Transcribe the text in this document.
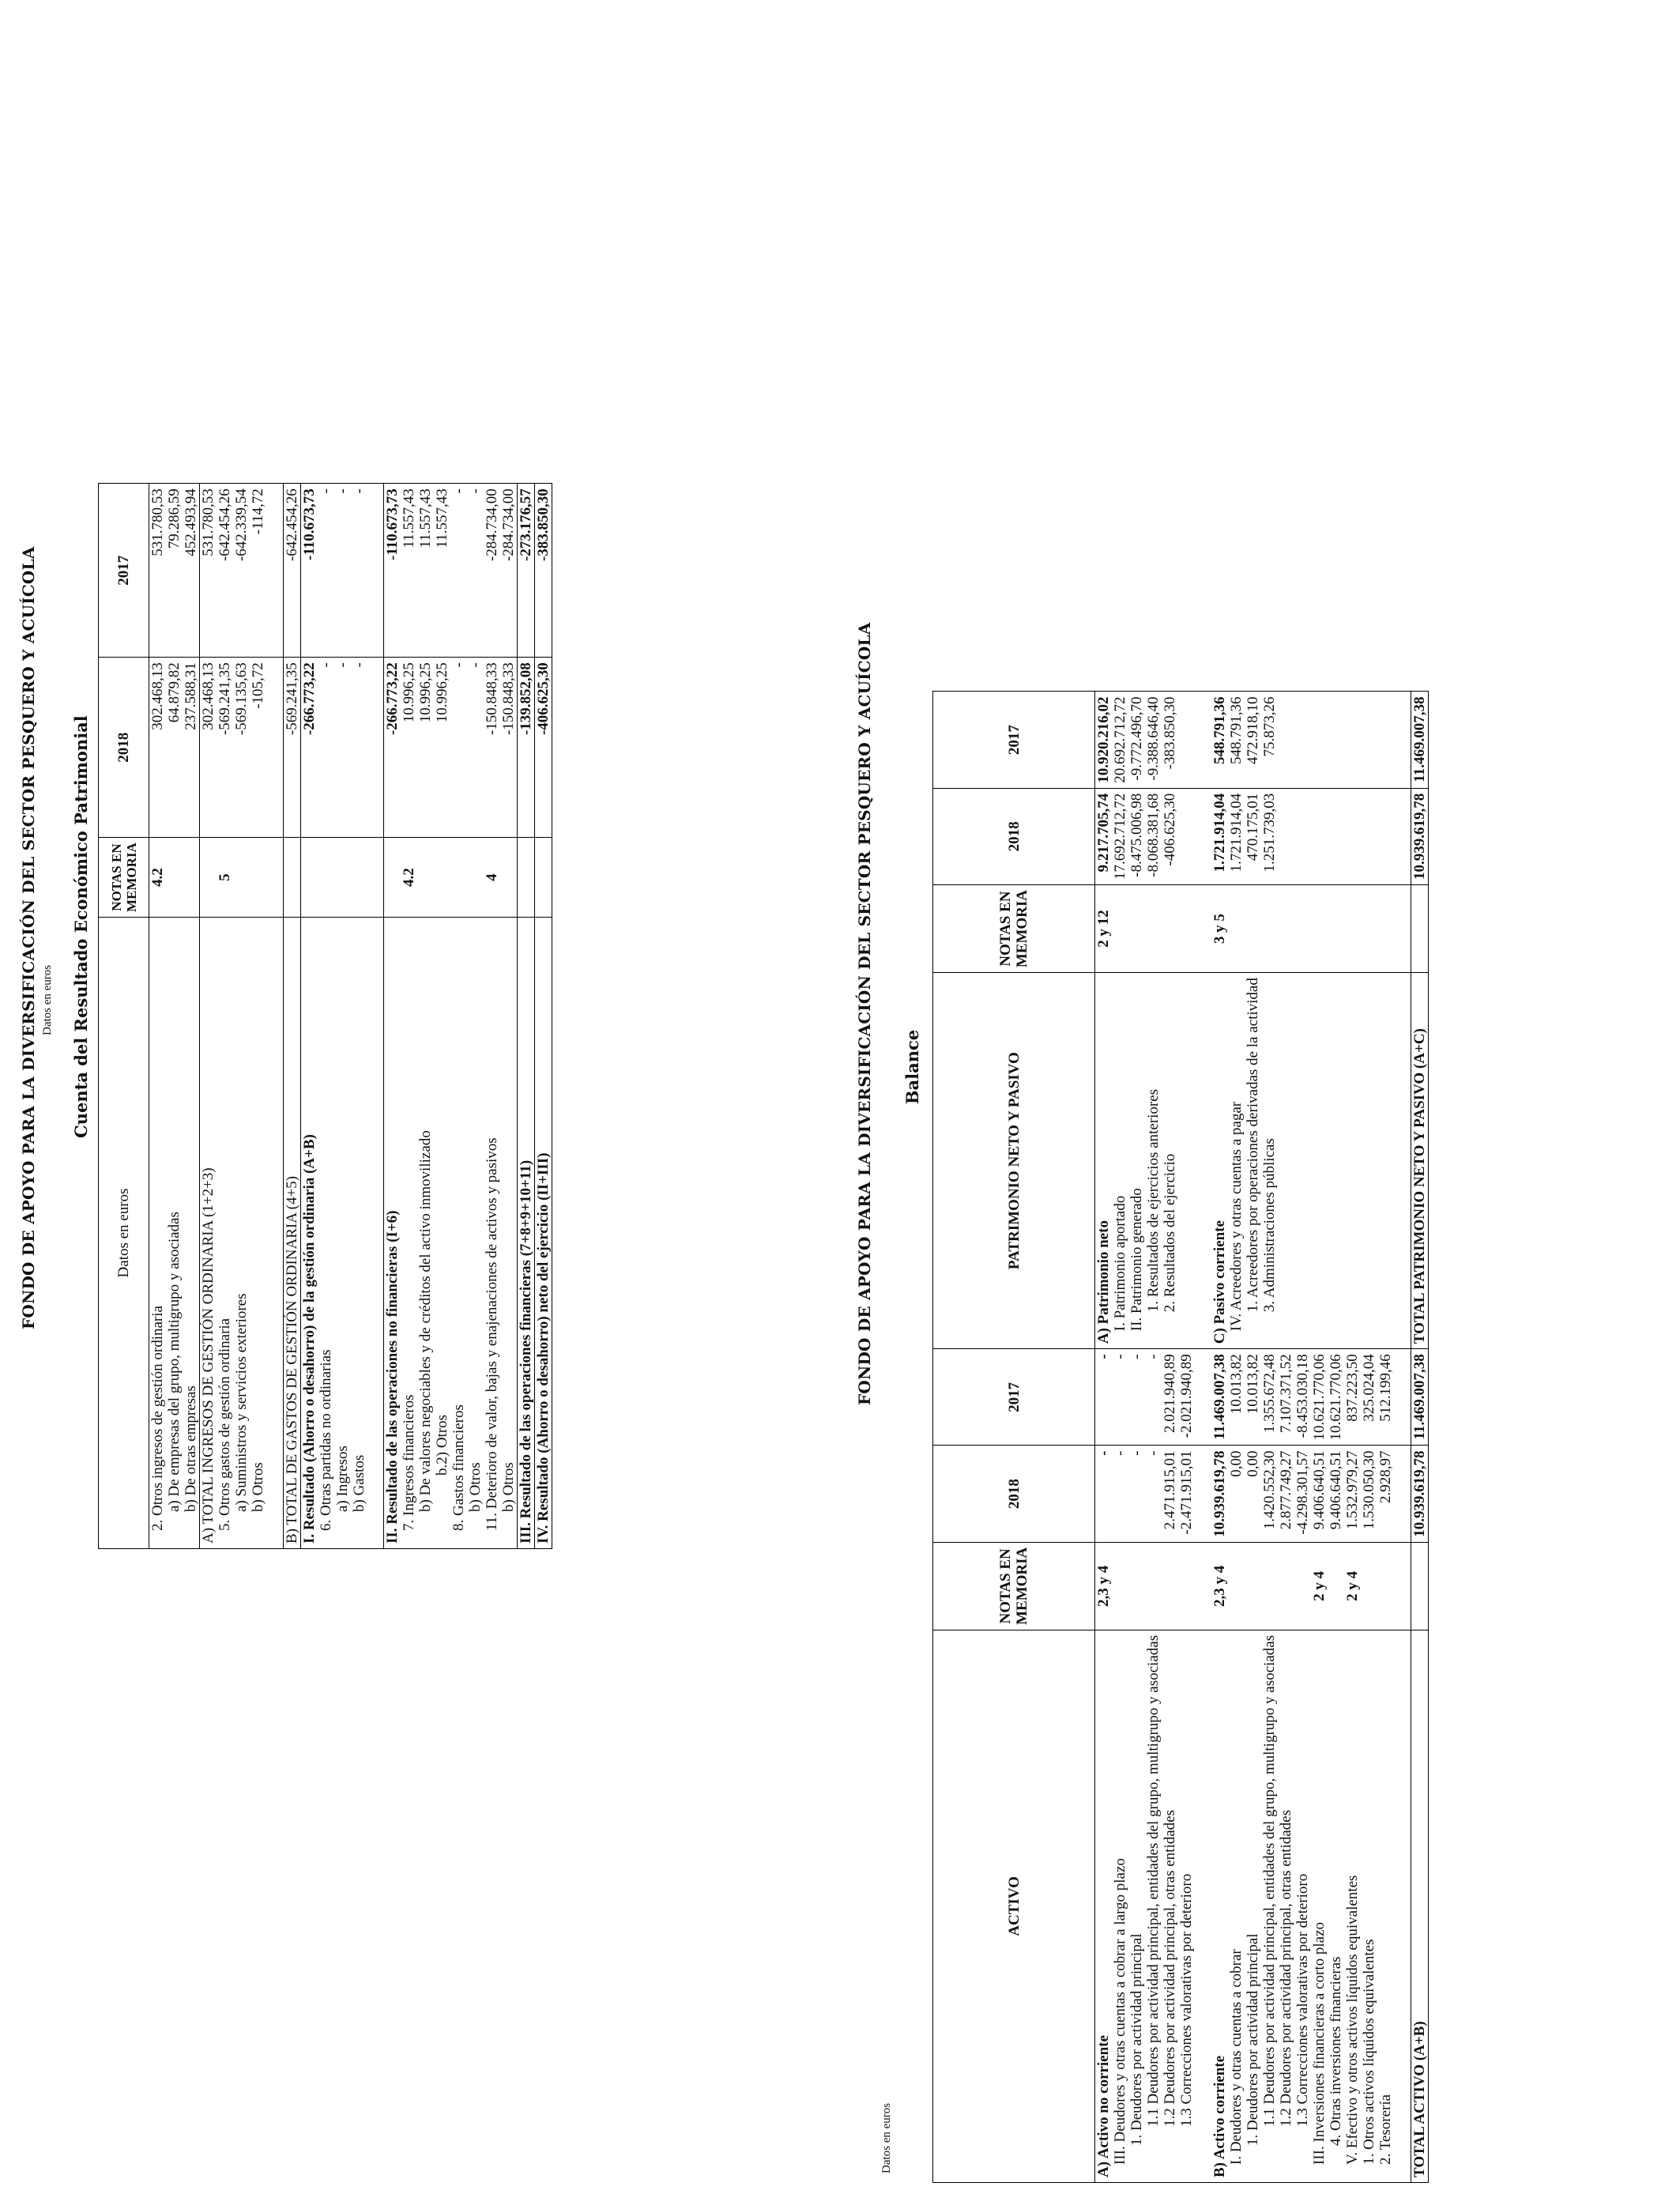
Datos en euros
FONDO DE APOYO PARA LA DIVERSIFICACIÓN DEL SECTOR PESQUERO Y ACUÍCOLA Cuenta del Resultado Económico Patrimonial
Datos en euros	NOTAS EN MEMORIA	2018	2017
2. Otros ingresos de gestión ordinaria	4.2	302.468,13	531.780,53
a) De empresas del grupo, multigrupo y asociadas		64.879,82	79.286,59
b) De otras empresas		237.588,31	452.493,94
A) TOTAL INGRESOS DE GESTIÓN ORDINARIA (1+2+3)		302.468,13	531.780,53
5. Otros gastos de gestión ordinaria	5	-569.241,35	-642.454,26
a) Suministros y servicios exteriores		-569.135,63	-642.339,54
b) Otros		-105,72	-114,72

B) TOTAL DE GASTOS DE GESTIÓN ORDINARIA (4+5)		-569.241,35	-642.454,26
I. Resultado (Ahorro o desahorro) de la gestión ordinaria (A+B)		-266.773,22	-110.673,73
6. Otras partidas no ordinarias		-	-
a) Ingresos		-	-
b) Gastos		-	-

II. Resultado de las operaciones no financieras (I+6)		-266.773,22	-110.673,73
7. Ingresos financieros	4.2	10.996,25	11.557,43
b) De valores negociables y de créditos del activo inmovilizado		10.996,25	11.557,43
b.2) Otros		10.996,25	11.557,43
8. Gastos financieros		-	-
b) Otros		-	-
11. Deterioro de valor, bajas y enajenaciones de activos y pasivos	4	-150.848,33	-284.734,00
b) Otros		-150.848,33	-284.734,00
III. Resultado de las operaciones financieras (7+8+9+10+11)		-139.852,08	-273.176,57
IV. Resultado (Ahorro o desahorro) neto del ejercicio (II+III)		-406.625,30	-383.850,30
FONDO DE APOYO PARA LA DIVERSIFICACIÓN DEL SECTOR PESQUERO Y ACUÍCOLA Balance
Datos en euros
ACTIVO	NOTAS EN MEMORIA	2018	2017	PATRIMONIO NETO Y PASIVO	NOTAS EN MEMORIA	2018	2017
A) Activo no corriente	2,3 y 4	-	-	A) Patrimonio neto	2 y 12	9.217.705,74	10.920.216,02
III. Deudores y otras cuentas a cobrar a largo plazo		-	-	I. Patrimonio aportado		17.692.712,72	20.692.712,72
1. Deudores por actividad principal		-	-	II. Patrimonio generado		-8.475.006,98	-9.772.496,70
1.1 Deudores por actividad principal, entidades del grupo, multigrupo y asociadas		-	-	1. Resultados de ejercicios anteriores		-8.068.381,68	-9.388.646,40
1.2 Deudores por actividad principal, otras entidades		2.471.915,01	2.021.940,89	2. Resultados del ejercicio		-406.625,30	-383.850,30
1.3 Correcciones valorativas por deterioro		-2.471.915,01	-2.021.940,89				

B) Activo corriente	2,3 y 4	10.939.619,78	11.469.007,38	C) Pasivo corriente	3 y 5	1.721.914,04	548.791,36
I. Deudores y otras cuentas a cobrar		0,00	10.013,82	IV. Acreedores y otras cuentas a pagar		1.721.914,04	548.791,36
1. Deudores por actividad principal		0,00	10.013,82	1. Acreedores por operaciones derivadas de la actividad		470.175,01	472.918,10
1.1 Deudores por actividad principal, entidades del grupo, multigrupo y asociadas		1.420.552,30	1.355.672,48	3. Administraciones públicas		1.251.739,03	75.873,26
1.2 Deudores por actividad principal, otras entidades		2.877.749,27	7.107.371,52				
1.3 Correcciones valorativas por deterioro		-4.298.301,57	-8.453.030,18				
III. Inversiones financieras a corto plazo	2 y 4	9.406.640,51	10.621.770,06				
4. Otras inversiones financieras		9.406.640,51	10.621.770,06				
V. Efectivo y otros activos líquidos equivalentes	2 y 4	1.532.979,27	837.223,50				
1. Otros activos líquidos equivalentes		1.530.050,30	325.024,04				
2. Tesorería		2.928,97	512.199,46				

TOTAL ACTIVO (A+B)		10.939.619,78	11.469.007,38	TOTAL PATRIMONIO NETO Y PASIVO (A+C)		10.939.619,78	11.469.007,38
